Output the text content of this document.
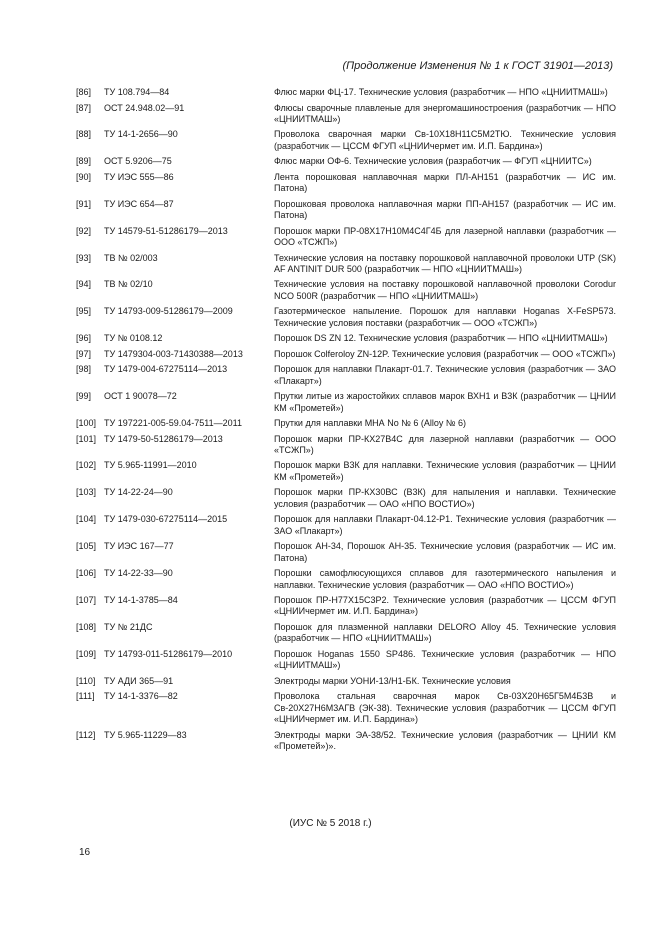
(Продолжение Изменения № 1 к ГОСТ 31901—2013)
[86]	ТУ 108.794—84	Флюс марки ФЦ-17. Технические условия (разработчик — НПО «ЦНИИТМАШ»)
[87]	ОСТ 24.948.02—91	Флюсы сварочные плавленые для энергомашиностроения (разработчик — НПО «ЦНИИТМАШ»)
[88]	ТУ 14-1-2656—90	Проволока сварочная марки Св-10Х18Н11С5М2ТЮ. Технические условия (разработчик — ЦССМ ФГУП «ЦНИИчермет им. И.П. Бардина»)
[89]	ОСТ 5.9206—75	Флюс марки ОФ-6. Технические условия (разработчик — ФГУП «ЦНИИТС»)
[90]	ТУ ИЭС 555—86	Лента порошковая наплавочная марки ПЛ-АН151 (разработчик — ИС им. Патона)
[91]	ТУ ИЭС 654—87	Порошковая проволока наплавочная марки ПП-АН157 (разработчик — ИС им. Патона)
[92]	ТУ 14579-51-51286179—2013	Порошок марки ПР-08Х17Н10М4С4Г4Б для лазерной наплавки (разработчик — ООО «ТСЖП»)
[93]	ТВ № 02/003	Технические условия на поставку порошковой наплавочной проволоки UTP (SK) AF ANTINIT DUR 500 (разработчик — НПО «ЦНИИТМАШ»)
[94]	ТВ № 02/10	Технические условия на поставку порошковой наплавочной проволоки Corodur NCO 500R (разработчик — НПО «ЦНИИТМАШ»)
[95]	ТУ 14793-009-51286179—2009	Газотермическое напыление. Порошок для наплавки Hoganas X-FeSP573. Технические условия поставки (разработчик — ООО «ТСЖП»)
[96]	ТУ № 0108.12	Порошок DS ZN 12. Технические условия (разработчик — НПО «ЦНИИТМАШ»)
[97]	ТУ 1479304-003-71430388—2013	Порошок Colferoloy ZN-12P. Технические условия (разработчик — ООО «ТСЖП»)
[98]	ТУ 1479-004-67275114—2013	Порошок для наплавки Плакарт-01.7. Технические условия (разработчик — ЗАО «Плакарт»)
[99]	ОСТ 1 90078—72	Прутки литые из жаростойких сплавов марок ВХН1 и В3К (разработчик — ЦНИИ КМ «Прометей»)
[100]	ТУ 197221-005-59.04-7511—2011	Прутки для наплавки МНА No № 6 (Alloy № 6)
[101]	ТУ 1479-50-51286179—2013	Порошок марки ПР-КХ27В4С для лазерной наплавки (разработчик — ООО «ТСЖП»)
[102]	ТУ 5.965-11991—2010	Порошок марки В3К для наплавки. Технические условия (разработчик — ЦНИИ КМ «Прометей»)
[103]	ТУ 14-22-24—90	Порошок марки ПР-КХ30ВС (В3К) для напыления и наплавки. Технические условия (разработчик — ОАО «НПО ВОСТИО»)
[104]	ТУ 1479-030-67275114—2015	Порошок для наплавки Плакарт-04.12-Р1. Технические условия (разработчик — ЗАО «Плакарт»)
[105]	ТУ ИЭС 167—77	Порошок АН-34, Порошок АН-35. Технические условия (разработчик — ИС им. Патона)
[106]	ТУ 14-22-33—90	Порошки самофлюсующихся сплавов для газотермического напыления и наплавки. Технические условия (разработчик — ОАО «НПО ВОСТИО»)
[107]	ТУ 14-1-3785—84	Порошок ПР-Н77Х15С3Р2. Технические условия (разработчик — ЦССМ ФГУП «ЦНИИчермет им. И.П. Бардина»)
[108]	ТУ № 21ДС	Порошок для плазменной наплавки DELORO Alloy 45. Технические условия (разработчик — НПО «ЦНИИТМАШ»)
[109]	ТУ 14793-011-51286179—2010	Порошок Hoganas 1550 SP486. Технические условия (разработчик — НПО «ЦНИИТМАШ»)
[110]	ТУ АДИ 365—91	Электроды марки УОНИ-13/Н1-БК. Технические условия
[111]	ТУ 14-1-3376—82	Проволока стальная сварочная марок Св-03Х20Н65Г5М4Б3В и Св-20Х27Н6М3АГВ (ЭК-38). Технические условия (разработчик — ЦССМ ФГУП «ЦНИИчермет им. И.П. Бардина»)
[112]	ТУ 5.965-11229—83	Электроды марки ЭА-38/52. Технические условия (разработчик — ЦНИИ КМ «Прометей»)».
(ИУС № 5 2018 г.)
16
